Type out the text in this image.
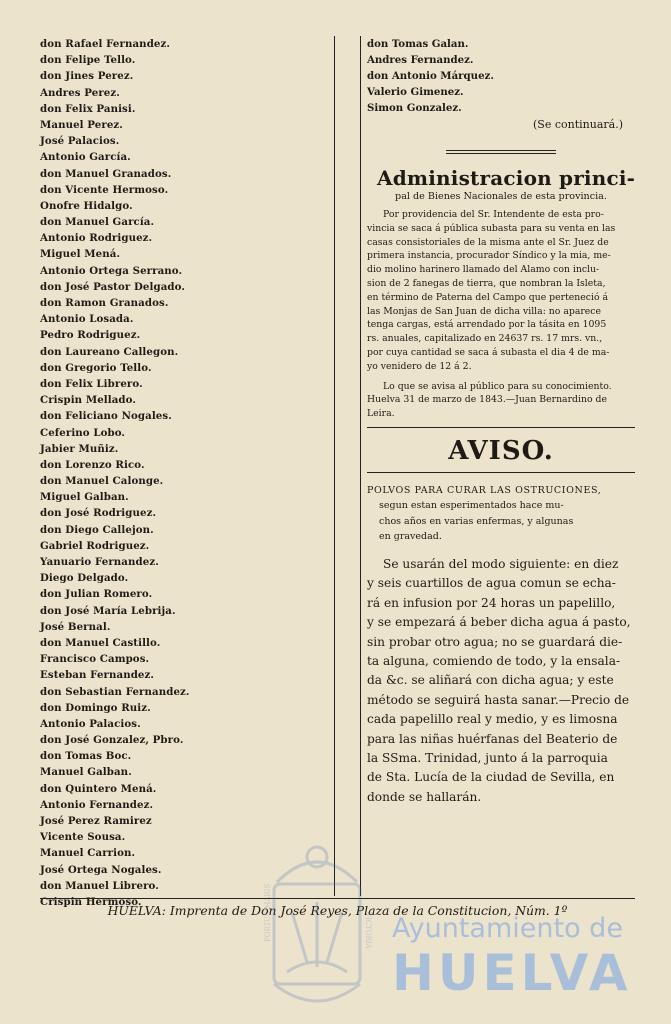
don Rafael Fernandez.
don Felipe Tello.
don Jines Perez.
Andres Perez.
don Felix Panisi.
Manuel Perez.
José Palacios.
Antonio García.
don Manuel Granados.
don Vicente Hermoso.
Onofre Hidalgo.
don Manuel García.
Antonio Rodriguez.
Miguel Mená.
Antonio Ortega Serrano.
don José Pastor Delgado.
don Ramon Granados.
Antonio Losada.
Pedro Rodriguez.
don Laureano Callegon.
don Gregorio Tello.
don Felix Librero.
Crispin Mellado.
don Feliciano Nogales.
Ceferino Lobo.
Jabier Muñiz.
don Lorenzo Rico.
don Manuel Calonge.
Miguel Galban.
don José Rodriguez.
don Diego Callejon.
Gabriel Rodriguez.
Yanuario Fernandez.
Diego Delgado.
don Julian Romero.
don José María Lebrija.
José Bernal.
don Manuel Castillo.
Francisco Campos.
Esteban Fernandez.
don Sebastian Fernandez.
don Domingo Ruiz.
Antonio Palacios.
don José Gonzalez, Pbro.
don Tomas Boc.
Manuel Galban.
don Quintero Mená.
Antonio Fernandez.
José Perez Ramirez
Vicente Sousa.
Manuel Carrion.
José Ortega Nogales.
don Manuel Librero.
Crispin Hermoso.
don Tomas Galan.
Andres Fernandez.
don Antonio Márquez.
Valerio Gimenez.
Simon Gonzalez.
(Se continuará.)
Administracion princi-
pal de Bienes Nacionales de esta provincia.
Por providencia del Sr. Intendente de esta pro-
vincia se saca á pública subasta para su venta en las
casas consistoriales de la misma ante el Sr. Juez de
primera instancia, procurador Síndico y la mia, me-
dio molino harinero llamado del Alamo con inclu-
sion de 2 fanegas de tierra, que nombran la Isleta,
en término de Paterna del Campo que perteneció á
las Monjas de San Juan de dicha villa: no aparece
tenga cargas, está arrendado por la tásita en 1095
rs. anuales, capitalizado en 24637 rs. 17 mrs. vn.,
por cuya cantidad se saca á subasta el dia 4 de ma-
yo venidero de 12 á 2.
Lo que se avisa al público para su conocimiento.
Huelva 31 de marzo de 1843.—Juan Bernardino de
Leira.
AVISO.
POLVOS PARA CURAR LAS OSTRUCIONES,
segun estan esperimentados hace mu-
chos años en varias enfermas, y algunas
en gravedad.
Se usarán del modo siguiente: en diez
y seis cuartillos de agua comun se echa-
rá en infusion por 24 horas un papelillo,
y se empezará á beber dicha agua á pasto,
sin probar otro agua; no se guardará die-
ta alguna, comiendo de todo, y la ensala-
da &c. se aliñará con dicha agua; y este
método se seguirá hasta sanar.—Precio de
cada papelillo real y medio, y es limosna
para las niñas huérfanas del Beaterio de
la SSma. Trinidad, junto á la parroquia
de Sta. Lucía de la ciudad de Sevilla, en
donde se hallarán.
HUELVA: Imprenta de Don José Reyes, Plaza de la Constitucion, Núm. 1º
PORTUS MARIS	VICTORIA Ayuntamiento de
HUELVA
